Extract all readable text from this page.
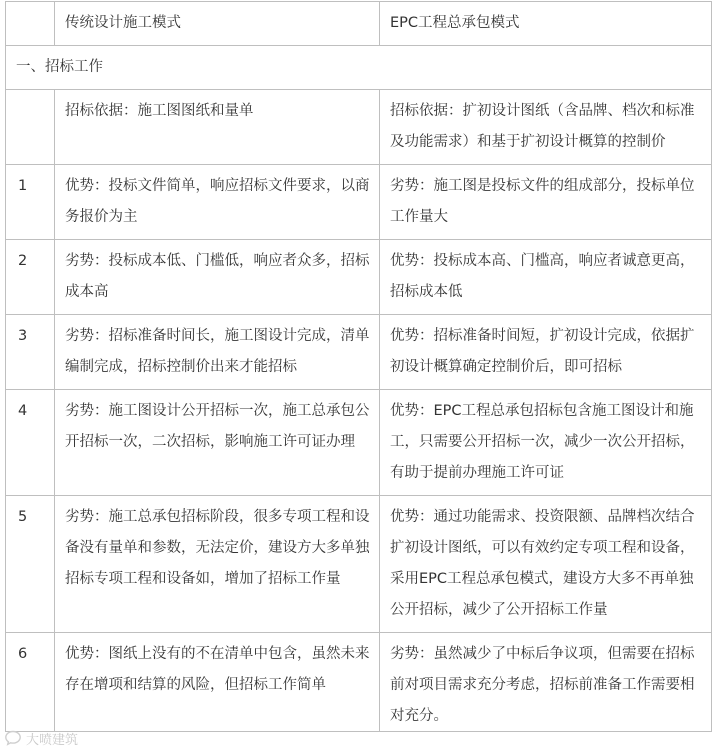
	传统设计施工模式	EPC工程总承包模式
一、招标工作		
	招标依据：施工图图纸和量单	招标依据：扩初设计图纸（含品牌、档次和标准及功能需求）和基于扩初设计概算的控制价
1	优势：投标文件简单，响应招标文件要求，以商务报价为主	劣势：施工图是投标文件的组成部分，投标单位工作量大
2	劣势：投标成本低、门槛低，响应者众多，招标成本高	优势：投标成本高、门槛高，响应者诚意更高，招标成本低
3	劣势：招标准备时间长，施工图设计完成，清单编制完成，招标控制价出来才能招标	优势：招标准备时间短，扩初设计完成，依据扩初设计概算确定控制价后，即可招标
4	劣势：施工图设计公开招标一次，施工总承包公开招标一次，二次招标，影响施工许可证办理	优势：EPC工程总承包招标包含施工图设计和施工，只需要公开招标一次，减少一次公开招标，有助于提前办理施工许可证
5	劣势：施工总承包招标阶段，很多专项工程和设备没有量单和参数，无法定价，建设方大多单独招标专项工程和设备如，增加了招标工作量	优势：通过功能需求、投资限额、品牌档次结合扩初设计图纸，可以有效约定专项工程和设备，采用EPC工程总承包模式，建设方大多不再单独公开招标，减少了公开招标工作量
6	优势：图纸上没有的不在清单中包含，虽然未来存在增项和结算的风险，但招标工作简单	劣势：虽然减少了中标后争议项，但需要在招标前对项目需求充分考虑，招标前准备工作需要相对充分。
大喷建筑
